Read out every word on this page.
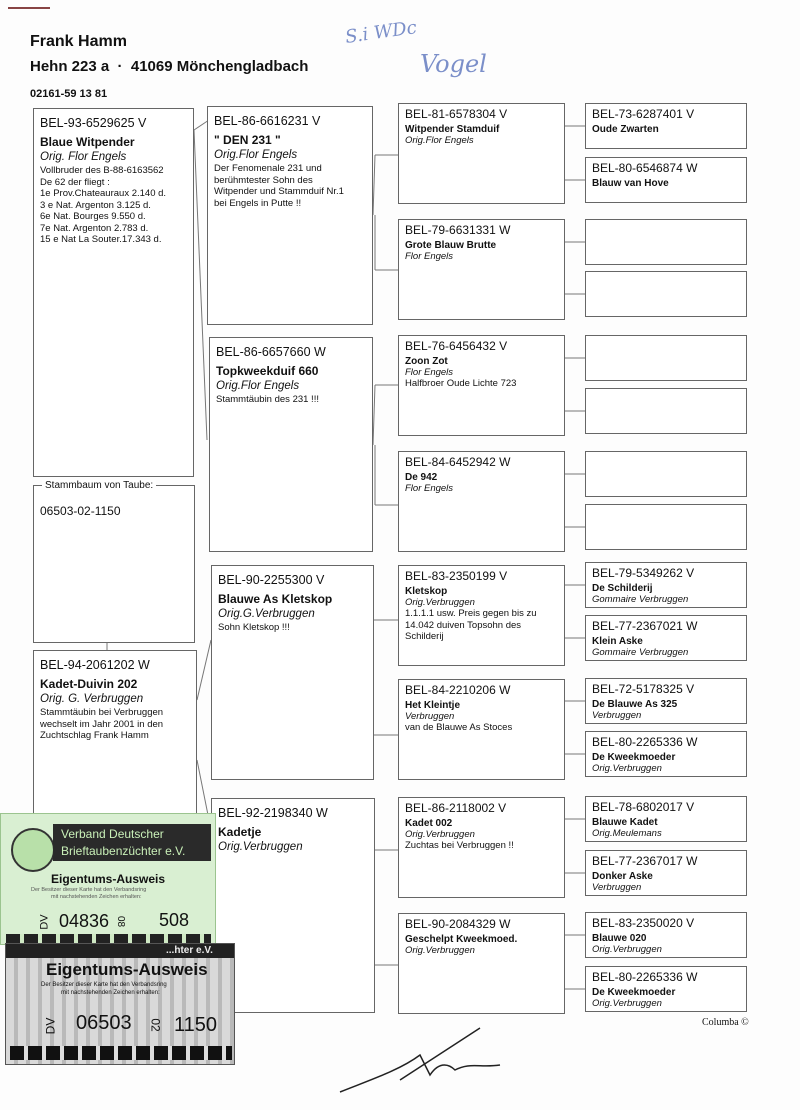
Frank Hamm
Hehn 223 a  ·  41069 Mönchengladbach
02161-59 13 81
S.i WDc
Vogel
BEL-93-6529625 V
Blaue Witpender
Orig. Flor Engels
Vollbruder des B-88-6163562
De 62 der fliegt :
1e Prov.Chateauraux 2.140 d.
3 e Nat. Argenton 3.125 d.
6e Nat. Bourges 9.550 d.
7e Nat. Argenton 2.783 d.
15 e Nat La Souter.17.343 d.
06503-02-1150
Stammbaum von Taube:
BEL-94-2061202 W
Kadet-Duivin 202
Orig. G. Verbruggen
Stammtäubin bei Verbruggen
wechselt im Jahr 2001 in den
Zuchtschlag Frank Hamm
BEL-86-6616231 V
" DEN 231 "
Orig.Flor Engels
Der Fenomenale 231 und
berühmtester Sohn des
Witpender und Stammduif Nr.1
bei Engels in Putte !!
BEL-86-6657660 W
Topkweekduif 660
Orig.Flor Engels
Stammtäubin des 231 !!!
BEL-90-2255300 V
Blauwe As Kletskop
Orig.G.Verbruggen
Sohn Kletskop !!!
BEL-92-2198340 W
Kadetje
Orig.Verbruggen
BEL-81-6578304 V
Witpender Stamduif
Orig.Flor Engels
BEL-79-6631331 W
Grote Blauw Brutte
Flor Engels
BEL-76-6456432 V
Zoon Zot
Flor Engels
Halfbroer Oude Lichte 723
BEL-84-6452942 W
De 942
Flor Engels
BEL-83-2350199 V
Kletskop
Orig.Verbruggen
1.1.1.1 usw. Preis gegen bis zu
14.042 duiven Topsohn des
Schilderij
BEL-84-2210206 W
Het Kleintje
Verbruggen
van de Blauwe As Stoces
BEL-86-2118002 V
Kadet 002
Orig.Verbruggen
Zuchtas bei Verbruggen !!
BEL-90-2084329 W
Geschelpt Kweekmoed.
Orig.Verbruggen
BEL-73-6287401 V
Oude Zwarten
BEL-80-6546874 W
Blauw van Hove
BEL-79-5349262 V
De Schilderij
Gommaire Verbruggen
BEL-77-2367021 W
Klein Aske
Gommaire Verbruggen
BEL-72-5178325 V
De Blauwe As 325
Verbruggen
BEL-80-2265336 W
De Kweekmoeder
Orig.Verbruggen
BEL-78-6802017 V
Blauwe Kadet
Orig.Meulemans
BEL-77-2367017 W
Donker Aske
Verbruggen
BEL-83-2350020 V
Blauwe 020
Orig.Verbruggen
BEL-80-2265336 W
De Kweekmoeder
Orig.Verbruggen
Verband Deutscher
Brieftaubenzüchter e.V.
Eigentums-Ausweis
Der Besitzer dieser Karte hat den Verbandsring
mit nachstehenden Zeichen erhalten:
DV 04836 08 508
...hter e.V.
Eigentums-Ausweis
Der Besitzer dieser Karte hat den Verbandsring
mit nachstehenden Zeichen erhalten:
DV 06503 02 1150	Columba ©
